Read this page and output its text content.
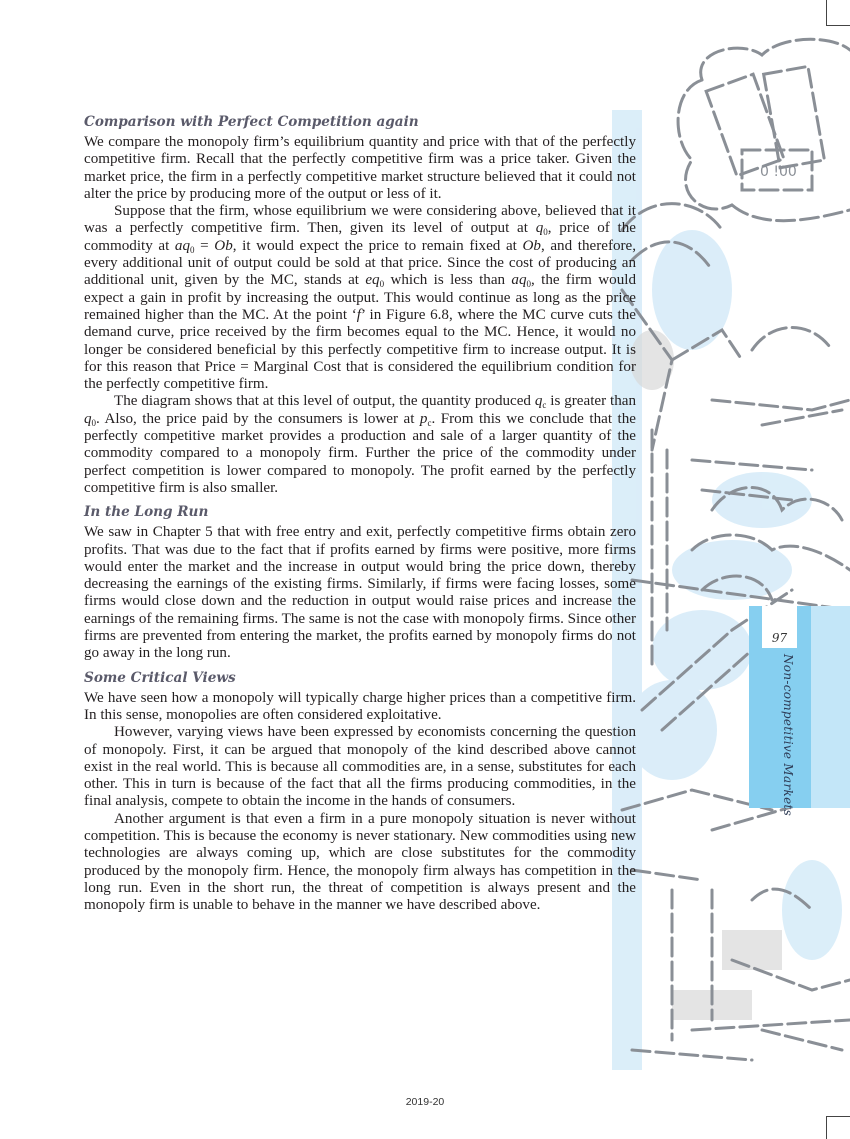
0 !00
Comparison with Perfect Competition again

We compare the monopoly firm’s equilibrium quantity and price with that of the perfectly competitive firm. Recall that the perfectly competitive firm was a price taker. Given the market price, the firm in a perfectly competitive market structure believed that it could not alter the price by producing more of the output or less of it.

Suppose that the firm, whose equilibrium we were considering above, believed that it was a perfectly competitive firm. Then, given its level of output at $q_0$, price of the commodity at $aq_0 = Ob$, it would expect the price to remain fixed at Ob, and therefore, every additional unit of output could be sold at that price. Since the cost of producing an additional unit, given by the MC, stands at $eq_0$ which is less than $aq_0$, the firm would expect a gain in profit by increasing the output. This would continue as long as the price remained higher than the MC. At the point ‘f’ in Figure 6.8, where the MC curve cuts the demand curve, price received by the firm becomes equal to the MC. Hence, it would no longer be considered beneficial by this perfectly competitive firm to increase output. It is for this reason that Price = Marginal Cost that is considered the equilibrium condition for the perfectly competitive firm.

The diagram shows that at this level of output, the quantity produced $q_c$ is greater than $q_0$. Also, the price paid by the consumers is lower at $p_c$. From this we conclude that the perfectly competitive market provides a production and sale of a larger quantity of the commodity compared to a monopoly firm. Further the price of the commodity under perfect competition is lower compared to monopoly. The profit earned by the perfectly competitive firm is also smaller.

In the Long Run

We saw in Chapter 5 that with free entry and exit, perfectly competitive firms obtain zero profits. That was due to the fact that if profits earned by firms were positive, more firms would enter the market and the increase in output would bring the price down, thereby decreasing the earnings of the existing firms. Similarly, if firms were facing losses, some firms would close down and the reduction in output would raise prices and increase the earnings of the remaining firms. The same is not the case with monopoly firms. Since other firms are prevented from entering the market, the profits earned by monopoly firms do not go away in the long run.

Some Critical Views

We have seen how a monopoly will typically charge higher prices than a competitive firm. In this sense, monopolies are often considered exploitative.

However, varying views have been expressed by economists concerning the question of monopoly. First, it can be argued that monopoly of the kind described above cannot exist in the real world. This is because all commodities are, in a sense, substitutes for each other. This in turn is because of the fact that all the firms producing commodities, in the final analysis, compete to obtain the income in the hands of consumers.

Another argument is that even a firm in a pure monopoly situation is never without competition. This is because the economy is never stationary. New commodities using new technologies are always coming up, which are close substitutes for the commodity produced by the monopoly firm. Hence, the monopoly firm always has competition in the long run. Even in the short run, the threat of competition is always present and the monopoly firm is unable to behave in the manner we have described above.

97
Non-competitive Markets
2019-20
